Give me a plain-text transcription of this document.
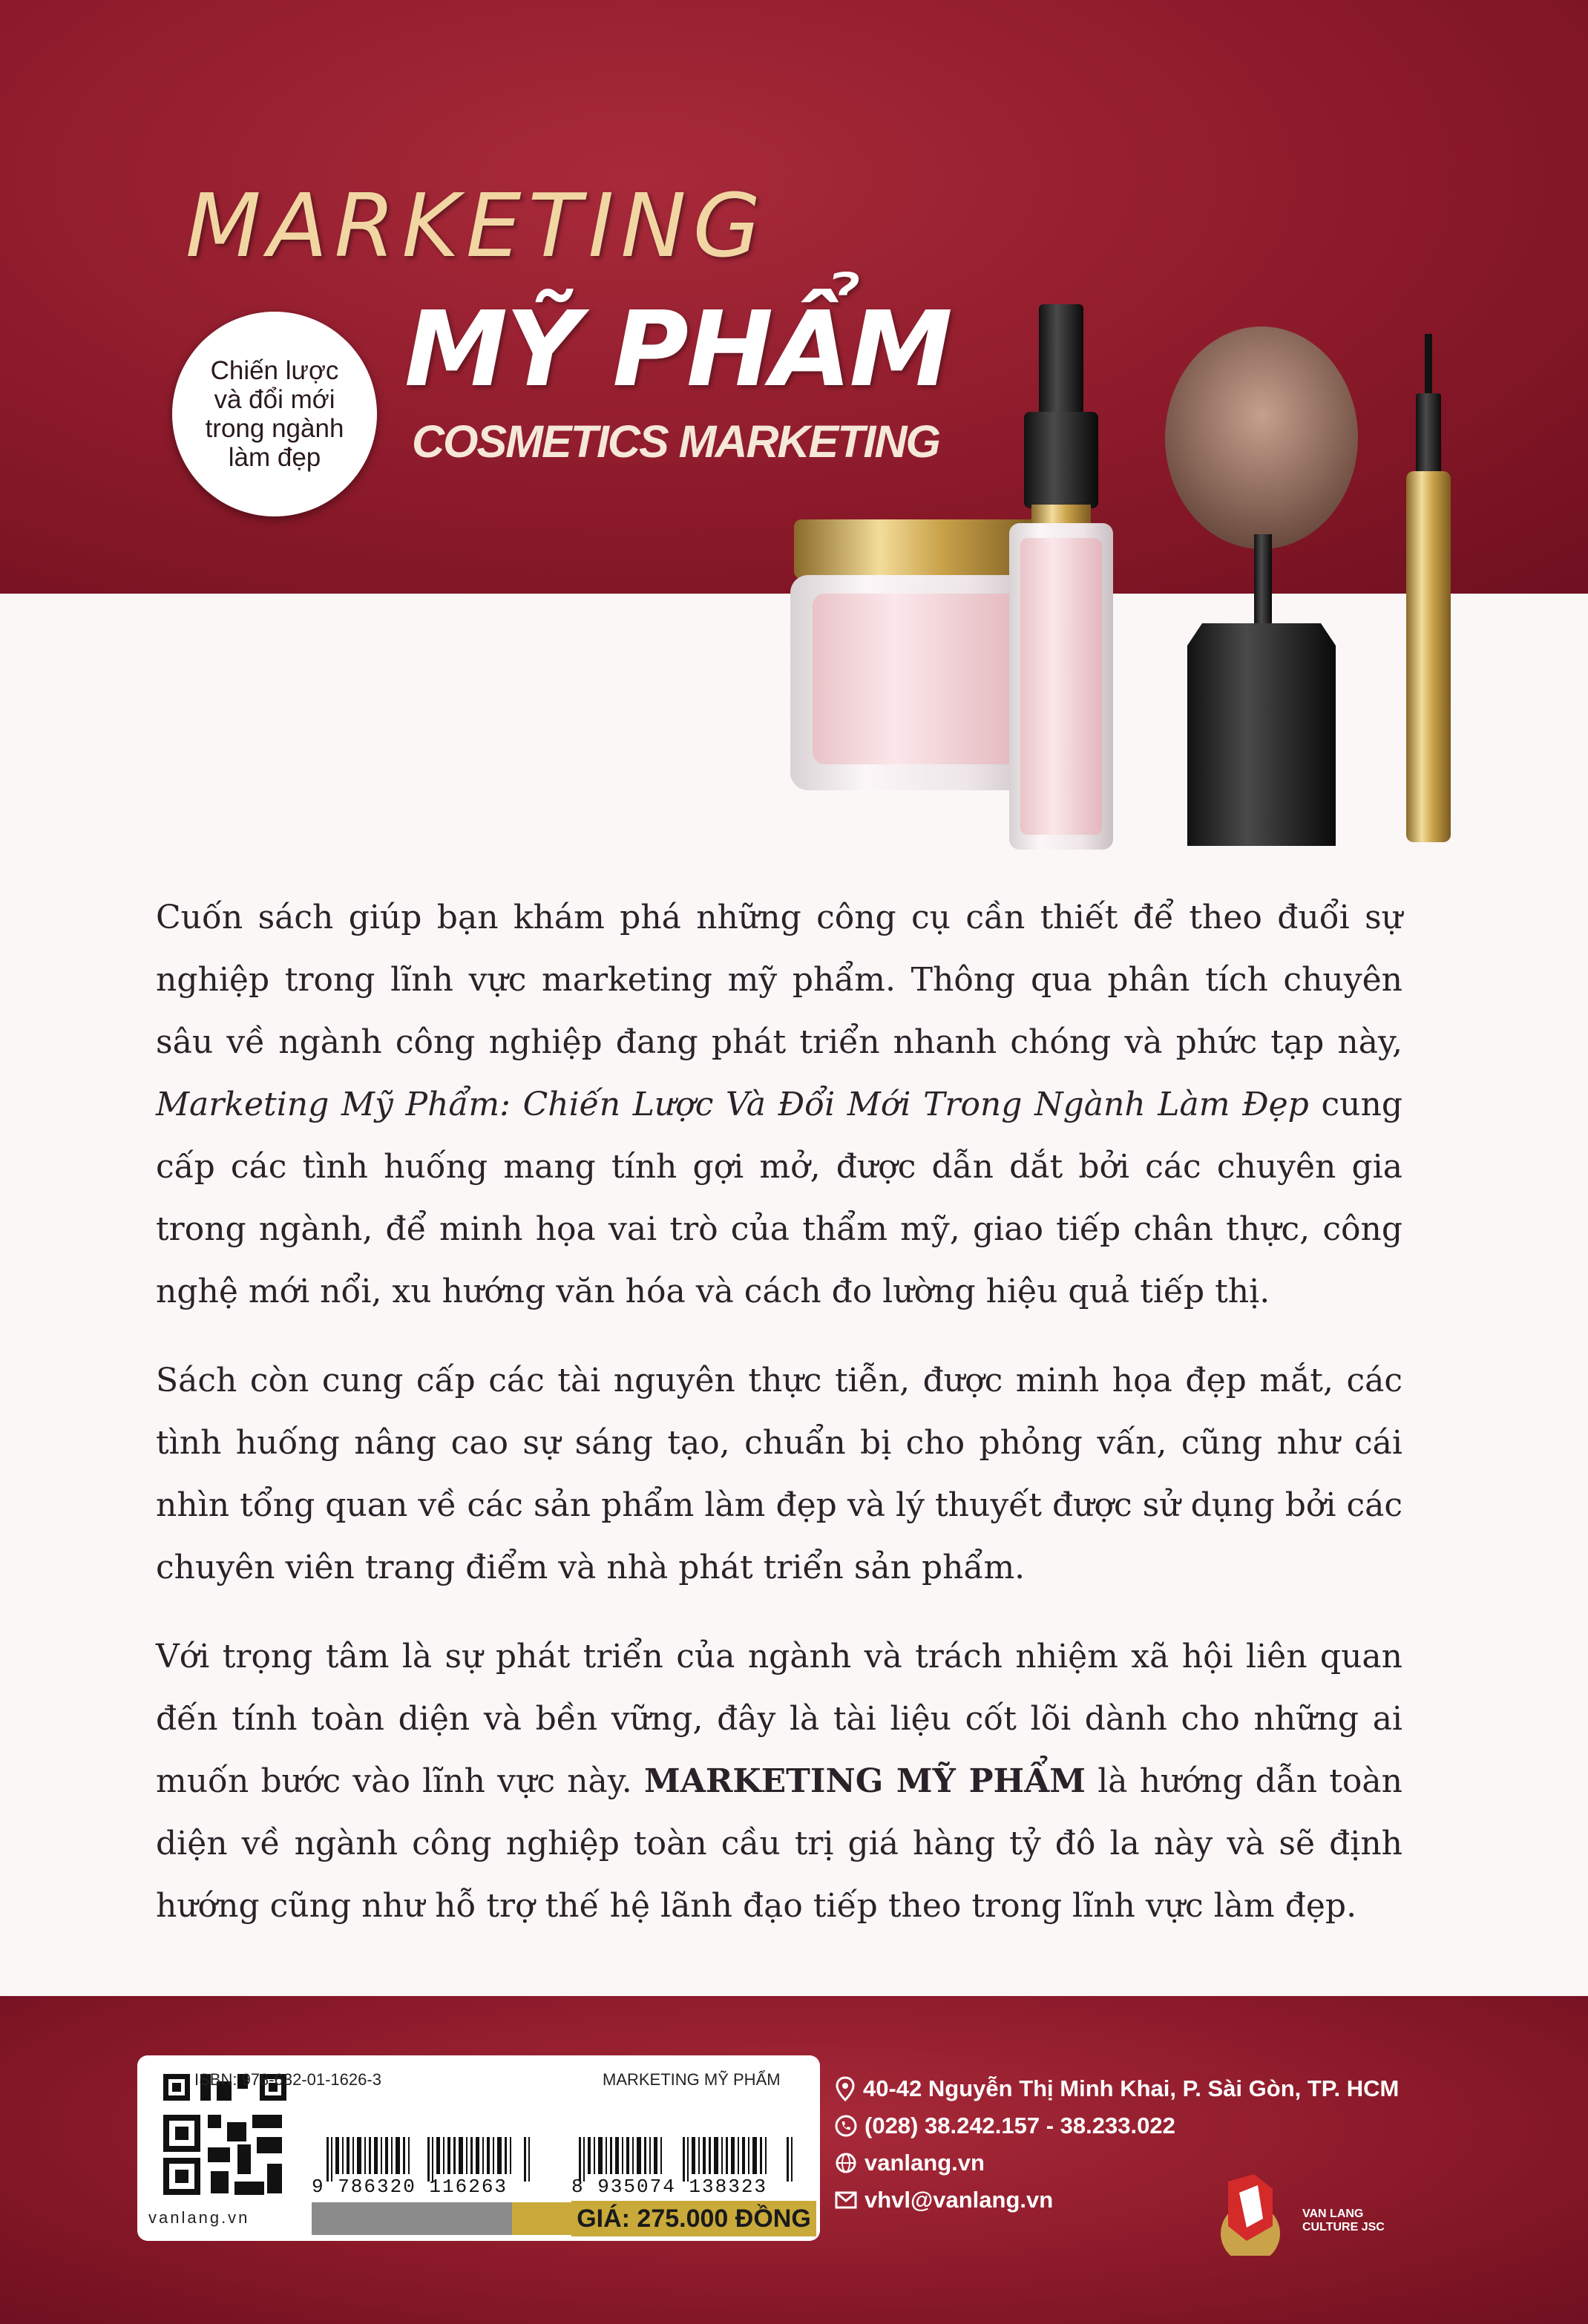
MARKETING
MỸ PHẨM
COSMETICS MARKETING
Chiến lược
và đổi mới
trong ngành
làm đẹp

Cuốn sách giúp bạn khám phá những công cụ cần thiết để theo đuổi sự nghiệp trong lĩnh vực marketing mỹ phẩm. Thông qua phân tích chuyên sâu về ngành công nghiệp đang phát triển nhanh chóng và phức tạp này, Marketing Mỹ Phẩm: Chiến Lược Và Đổi Mới Trong Ngành Làm Đẹp cung cấp các tình huống mang tính gợi mở, được dẫn dắt bởi các chuyên gia trong ngành, để minh họa vai trò của thẩm mỹ, giao tiếp chân thực, công nghệ mới nổi, xu hướng văn hóa và cách đo lường hiệu quả tiếp thị.

Sách còn cung cấp các tài nguyên thực tiễn, được minh họa đẹp mắt, các tình huống nâng cao sự sáng tạo, chuẩn bị cho phỏng vấn, cũng như cái nhìn tổng quan về các sản phẩm làm đẹp và lý thuyết được sử dụng bởi các chuyên viên trang điểm và nhà phát triển sản phẩm.

Với trọng tâm là sự phát triển của ngành và trách nhiệm xã hội liên quan đến tính toàn diện và bền vững, đây là tài liệu cốt lõi dành cho những ai muốn bước vào lĩnh vực này. MARKETING MỸ PHẨM là hướng dẫn toàn diện về ngành công nghiệp toàn cầu trị giá hàng tỷ đô la này và sẽ định hướng cũng như hỗ trợ thế hệ lãnh đạo tiếp theo trong lĩnh vực làm đẹp.

vanlang.vn
ISBN: 978-632-01-1626-3	MARKETING MỸ PHẨM
9 786320 116263	8 935074 138323
GIÁ: 275.000 ĐỒNG
40-42 Nguyễn Thị Minh Khai, P. Sài Gòn, TP. HCM
(028) 38.242.157 - 38.233.022
vanlang.vn
vhvl@vanlang.vn
VAN LANG
CULTURE JSC
